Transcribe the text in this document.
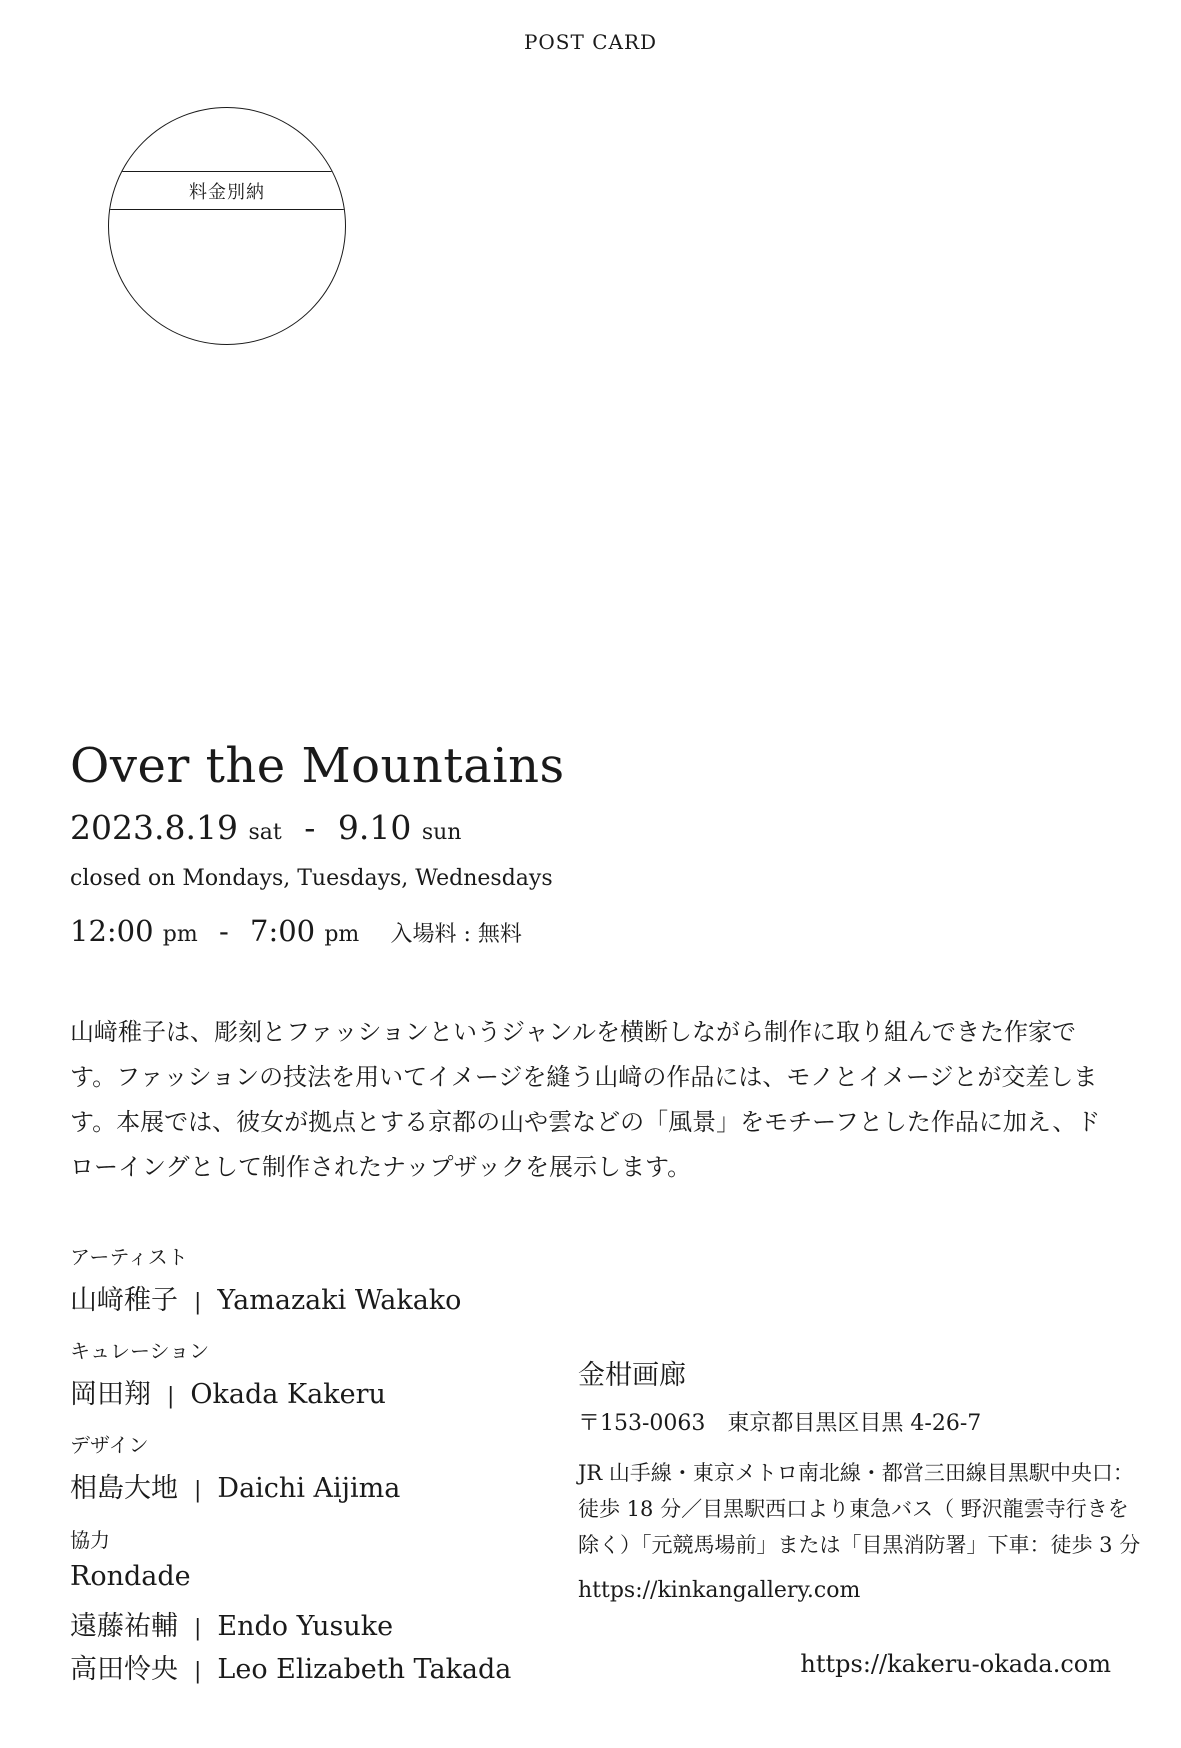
POST CARD
料金別納
Over the Mountains
2023.8.19 sat - 9.10 sun
closed on Mondays, Tuesdays, Wednesdays
12:00 pm - 7:00 pm 入場料 : 無料
山﨑稚子は、彫刻とファッションというジャンルを横断しながら制作に取り組んできた作家で
す。ファッションの技法を用いてイメージを縫う山﨑の作品には、モノとイメージとが交差しま
す。本展では、彼女が拠点とする京都の山や雲などの「風景」をモチーフとした作品に加え、ド
ローイングとして制作されたナップザックを展示します。
アーティスト
山﨑稚子 | Yamazaki Wakako
キュレーション
岡田翔 | Okada Kakeru
デザイン
相島大地 | Daichi Aijima
協力
Rondade
遠藤祐輔 | Endo Yusuke
高田怜央 | Leo Elizabeth Takada
金柑画廊
〒153-0063　東京都目黒区目黒 4-26-7
JR 山手線・東京メトロ南北線・都営三田線目黒駅中央口：
徒歩 18 分／目黒駅西口より東急バス（ 野沢龍雲寺行きを
除く）「元競馬場前」または「目黒消防署」下車：徒歩 3 分
https://kinkangallery.com
https://kakeru-okada.com
